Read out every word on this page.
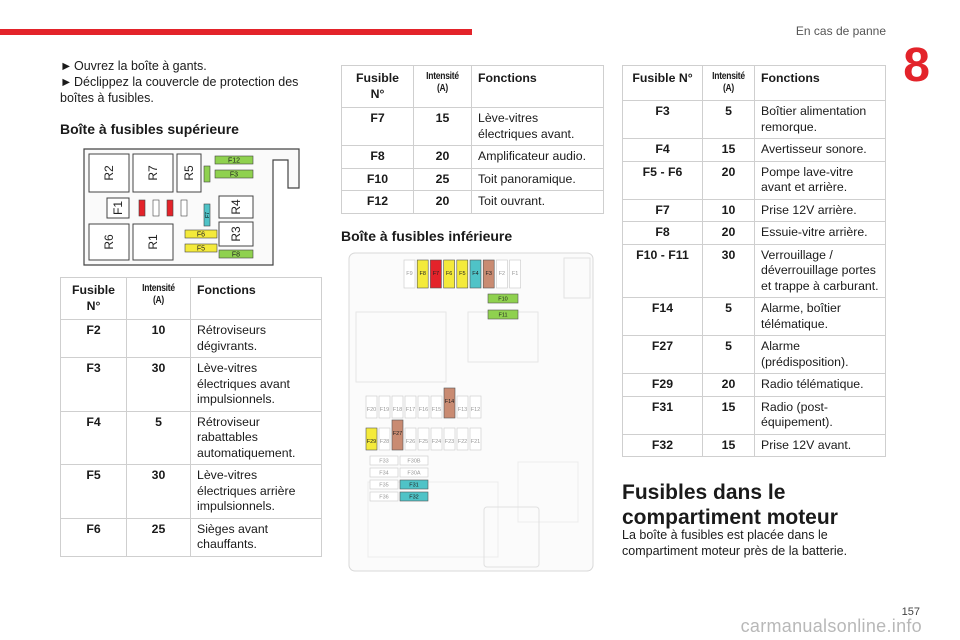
En cas de panne
8

► Ouvrez la boîte à gants.

► Déclippez la couvercle de protection des boîtes à fusibles.

Boîte à fusibles supérieure
R2	R7 R5
F1	R4
R3
R6	R1
F7
F12
F3
F6
F5
F8
Fusible N°	Intensité (A)	Fonctions
F2	10	Rétroviseurs dégivrants.
F3	30	Lève-vitres électriques avant impulsionnels.
F4	5	Rétroviseur rabattables automatiquement.
F5	30	Lève-vitres électriques arrière impulsionnels.
F6	25	Sièges avant chauffants.
Fusible N°	Intensité (A)	Fonctions
F7	15	Lève-vitres électriques avant.
F8	20	Amplificateur audio.
F10	25	Toit panoramique.
F12	20	Toit ouvrant.
Boîte à fusibles inférieure
F9 F8 F7 F6 F5 F4 F3 F2 F1
F10
F11
F20 F19 F18 F17 F16 F15
F14
F13 F12
F29 F28
F27
F26 F25 F24 F23 F22 F21
F33	F30B
F34	F30A
F35	F31
F36	F32
Fusible N°	Intensité (A)	Fonctions
F3	5	Boîtier alimentation remorque.
F4	15	Avertisseur sonore.
F5 - F6	20	Pompe lave-vitre avant et arrière.
F7	10	Prise 12V arrière.
F8	20	Essuie-vitre arrière.
F10 - F11	30	Verrouillage / déverrouillage portes et trappe à carburant.
F14	5	Alarme, boîtier télématique.
F27	5	Alarme (prédisposition).
F29	20	Radio télématique.
F31	15	Radio (post-équipement).
F32	15	Prise 12V avant.
Fusibles dans le compartiment moteur
La boîte à fusibles est placée dans le compartiment moteur près de la batterie.
157
carmanualsonline.info
